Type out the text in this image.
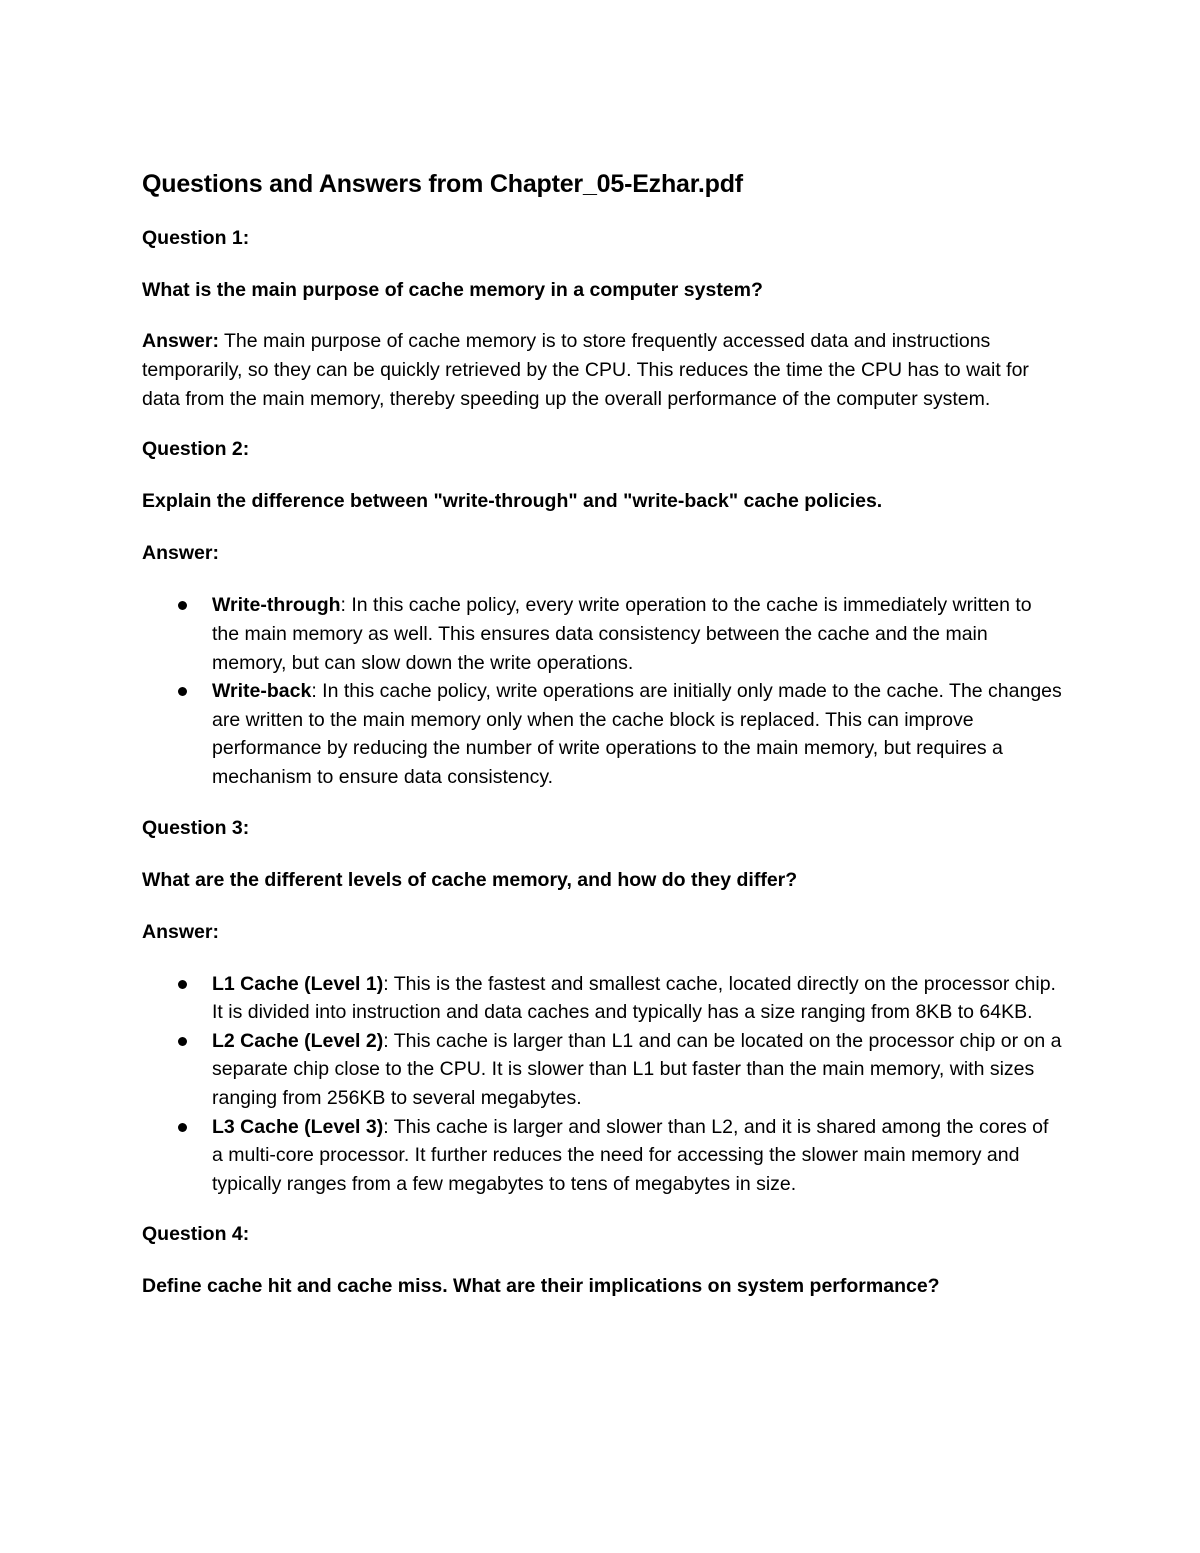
Questions and Answers from Chapter_05-Ezhar.pdf

Question 1:

What is the main purpose of cache memory in a computer system?

Answer: The main purpose of cache memory is to store frequently accessed data and instructions temporarily, so they can be quickly retrieved by the CPU. This reduces the time the CPU has to wait for data from the main memory, thereby speeding up the overall performance of the computer system.

Question 2:

Explain the difference between "write-through" and "write-back" cache policies.

Answer:

Write-through: In this cache policy, every write operation to the cache is immediately written to the main memory as well. This ensures data consistency between the cache and the main memory, but can slow down the write operations.
Write-back: In this cache policy, write operations are initially only made to the cache. The changes are written to the main memory only when the cache block is replaced. This can improve performance by reducing the number of write operations to the main memory, but requires a mechanism to ensure data consistency.

Question 3:

What are the different levels of cache memory, and how do they differ?

Answer:

L1 Cache (Level 1): This is the fastest and smallest cache, located directly on the processor chip. It is divided into instruction and data caches and typically has a size ranging from 8KB to 64KB.
L2 Cache (Level 2): This cache is larger than L1 and can be located on the processor chip or on a separate chip close to the CPU. It is slower than L1 but faster than the main memory, with sizes ranging from 256KB to several megabytes.
L3 Cache (Level 3): This cache is larger and slower than L2, and it is shared among the cores of a multi-core processor. It further reduces the need for accessing the slower main memory and typically ranges from a few megabytes to tens of megabytes in size.

Question 4:

Define cache hit and cache miss. What are their implications on system performance?
